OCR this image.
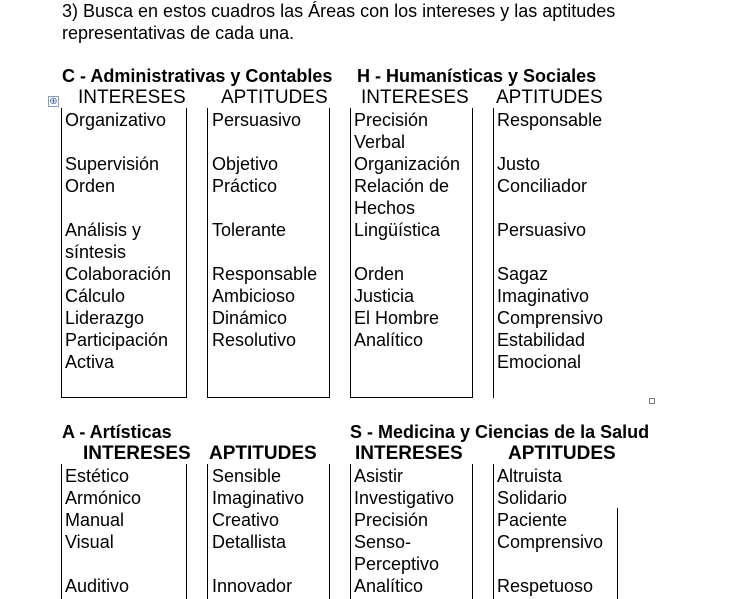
3) Busca en estos cuadros las Áreas con los intereses y las aptitudes
representativas de cada una.
C - Administrativas y Contables H - Humanísticas y Sociales
⊕ INTERESES APTITUDES INTERESES APTITUDES
Organizativo
Supervisión
Orden
Análisis y
síntesis
Colaboración
Cálculo
Liderazgo
Participación
Activa
Persuasivo
Objetivo
Práctico
Tolerante
Responsable
Ambicioso
Dinámico
Resolutivo
Precisión
Verbal
Organización
Relación de
Hechos
Lingüística
Orden
Justicia
El Hombre
Analítico
Responsable
Justo
Conciliador
Persuasivo
Sagaz
Imaginativo
Comprensivo
Estabilidad
Emocional
A - Artísticas	S - Medicina y Ciencias de la Salud
INTERESES APTITUDES INTERESES APTITUDES
Estético
Armónico
Manual
Visual
Auditivo
Sensible
Imaginativo
Creativo
Detallista
Innovador
Asistir
Investigativo
Precisión
Senso-
Perceptivo
Analítico
Altruista
Solidario
Paciente
Comprensivo
Respetuoso
